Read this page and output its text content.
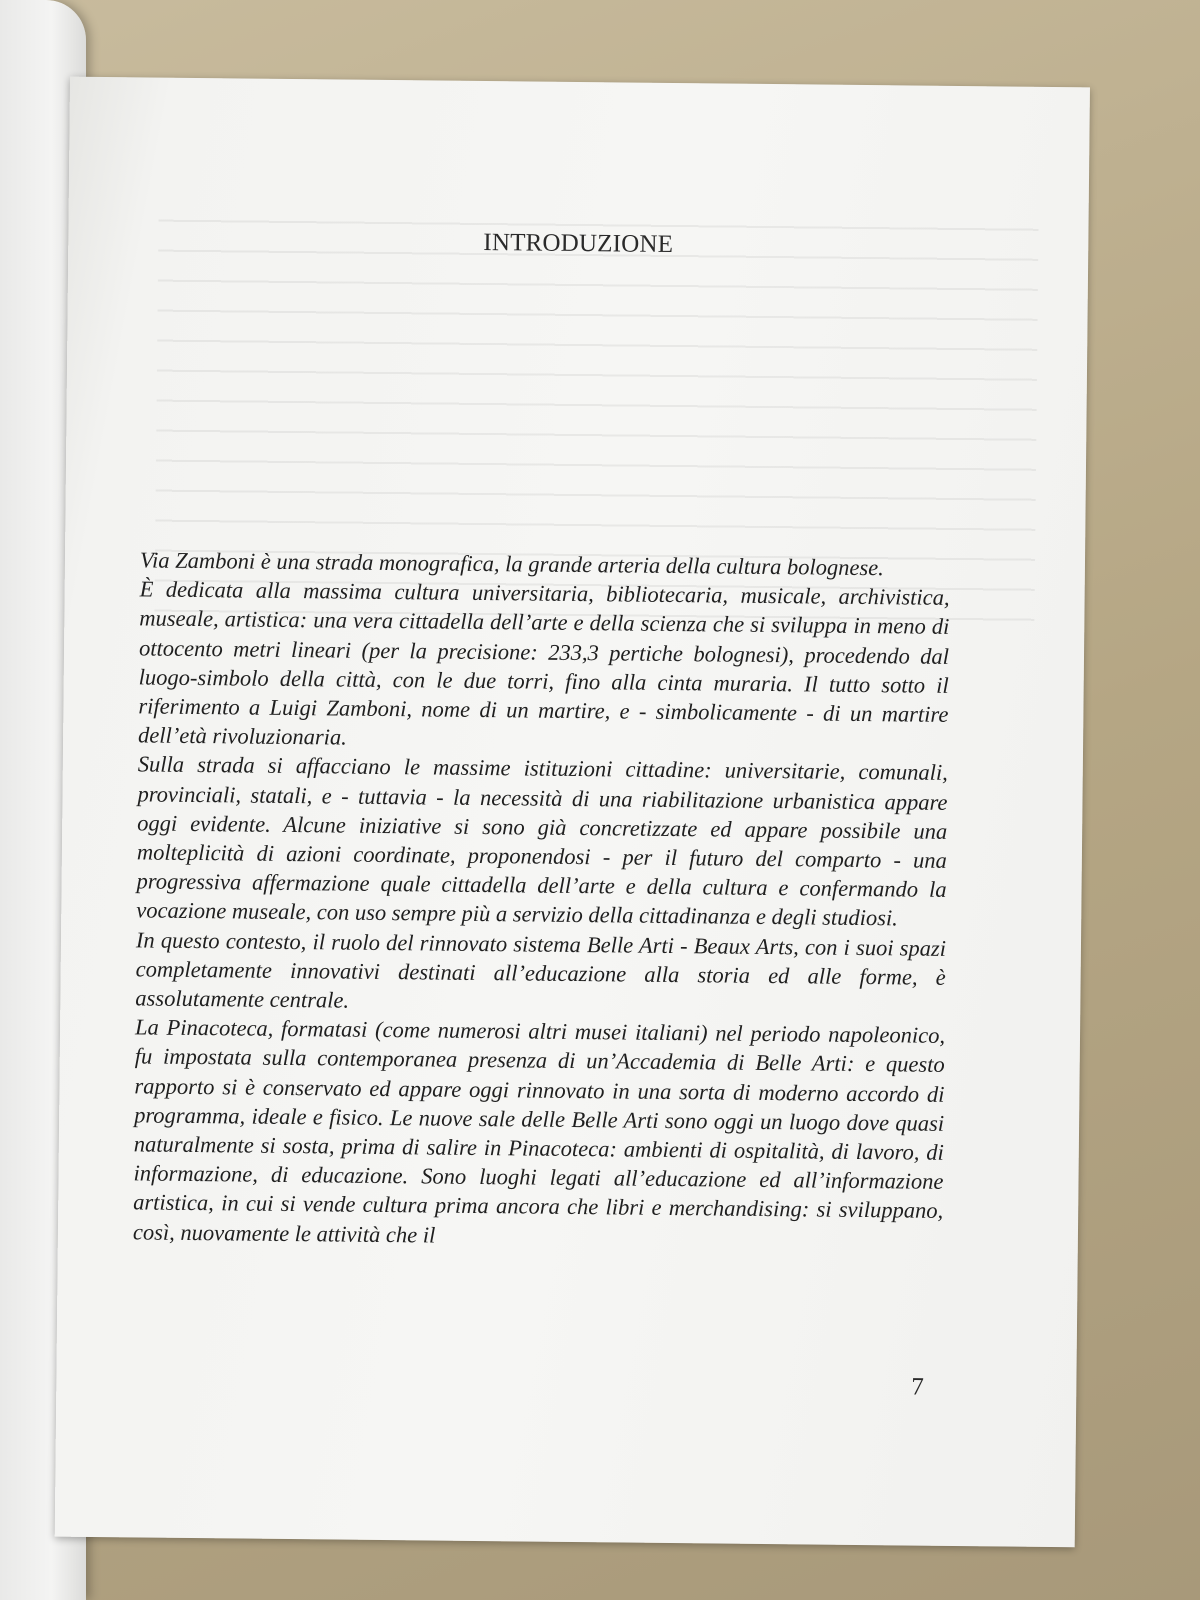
INTRODUZIONE

Via Zamboni è una strada monografica, la grande arteria della cultura bolognese.

È dedicata alla massima cultura universitaria, bibliotecaria, musicale, archivistica, museale, artistica: una vera cittadella dell’arte e della scienza che si sviluppa in meno di ottocento metri lineari (per la precisione: 233,3 pertiche bolognesi), procedendo dal luogo-simbolo della città, con le due torri, fino alla cinta muraria. Il tutto sotto il riferimento a Luigi Zamboni, nome di un martire, e - simbolicamente - di un martire dell’età rivoluzionaria.

Sulla strada si affacciano le massime istituzioni cittadine: universitarie, comunali, provinciali, statali, e - tuttavia - la necessità di una riabilitazione urbanistica appare oggi evidente. Alcune iniziative si sono già concretizzate ed appare possibile una molteplicità di azioni coordinate, proponendosi - per il futuro del comparto - una progressiva affermazione quale cittadella dell’arte e della cultura e confermando la vocazione museale, con uso sempre più a servizio della cittadinanza e degli studiosi.

In questo contesto, il ruolo del rinnovato sistema Belle Arti - Beaux Arts, con i suoi spazi completamente innovativi destinati all’educazione alla storia ed alle forme, è assolutamente centrale.

La Pinacoteca, formatasi (come numerosi altri musei italiani) nel periodo napoleonico, fu impostata sulla contemporanea presenza di un’Accademia di Belle Arti: e questo rapporto si è conservato ed appare oggi rinnovato in una sorta di moderno accordo di programma, ideale e fisico. Le nuove sale delle Belle Arti sono oggi un luogo dove quasi naturalmente si sosta, prima di salire in Pinacoteca: ambienti di ospitalità, di lavoro, di informazione, di educazione. Sono luoghi legati all’educazione ed all’informazione artistica, in cui si vende cultura prima ancora che libri e merchandising: si sviluppano, così, nuovamente le attività che il

7
